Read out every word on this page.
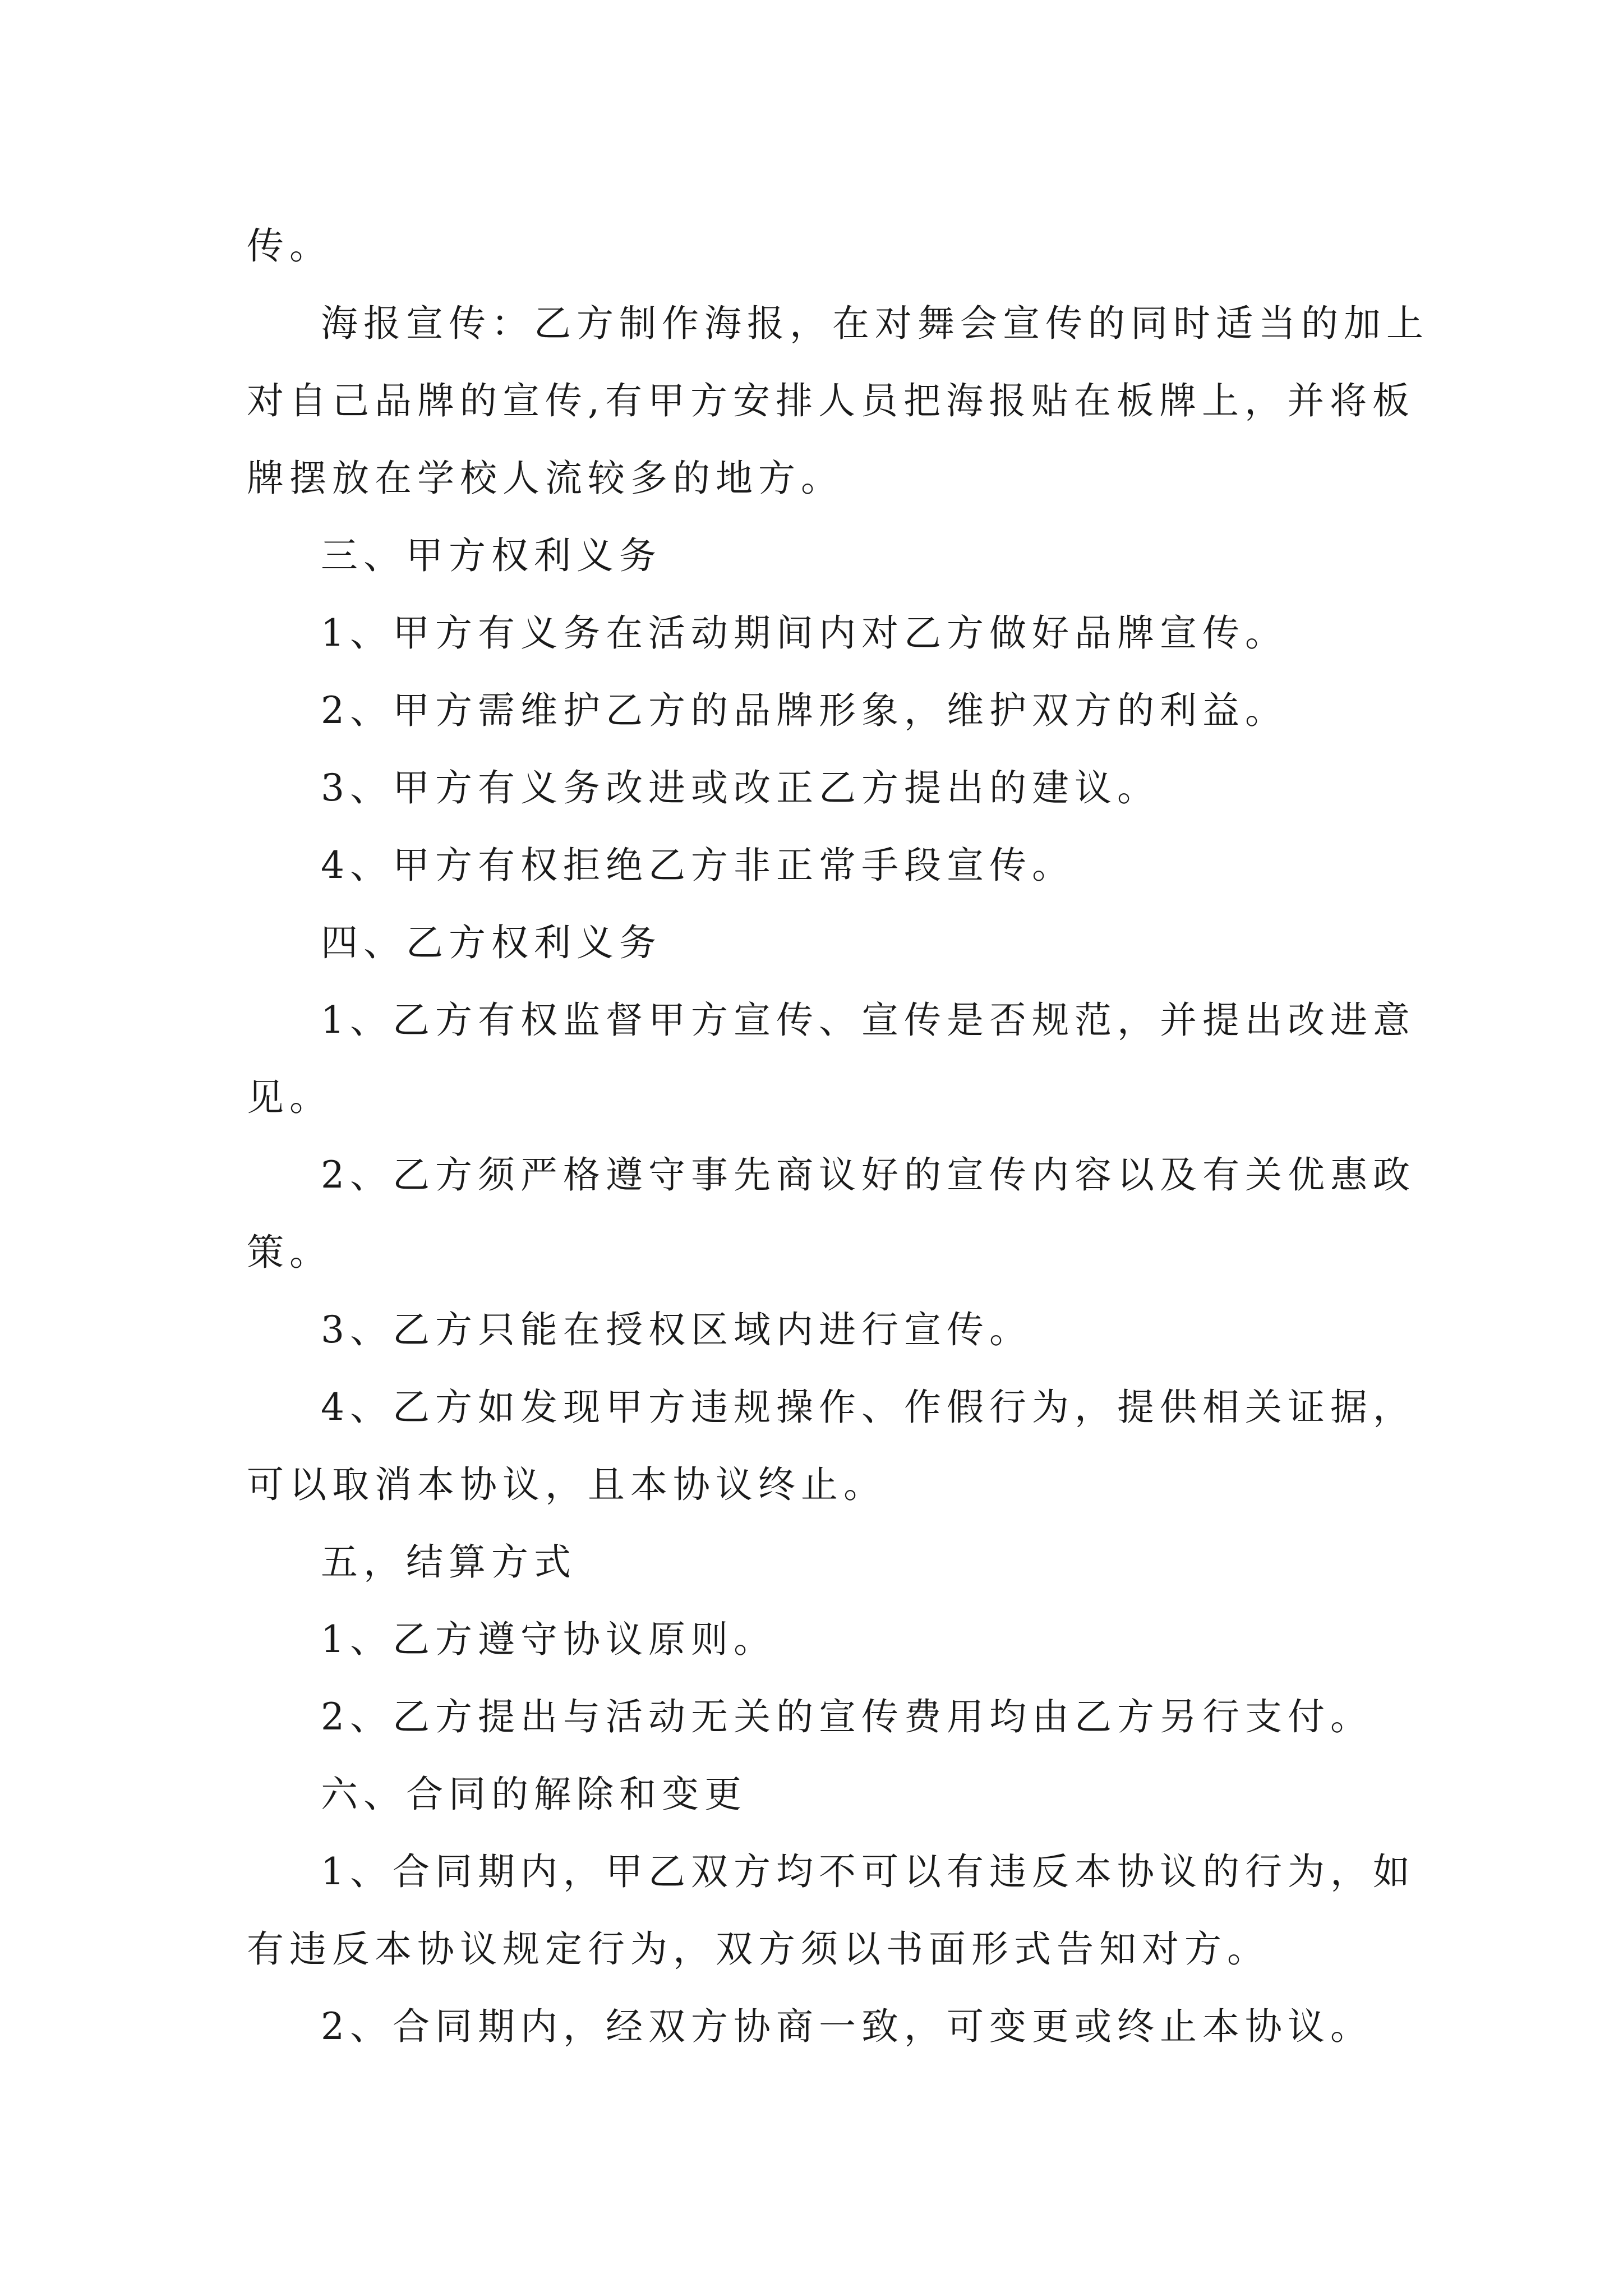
传。

海报宣传：乙方制作海报，在对舞会宣传的同时适当的加上对自己品牌的宣传,有甲方安排人员把海报贴在板牌上，并将板牌摆放在学校人流较多的地方。

三、甲方权利义务

1、甲方有义务在活动期间内对乙方做好品牌宣传。

2、甲方需维护乙方的品牌形象，维护双方的利益。

3、甲方有义务改进或改正乙方提出的建议。

4、甲方有权拒绝乙方非正常手段宣传。

四、乙方权利义务

1、乙方有权监督甲方宣传、宣传是否规范，并提出改进意见。

2、乙方须严格遵守事先商议好的宣传内容以及有关优惠政策。

3、乙方只能在授权区域内进行宣传。

4、乙方如发现甲方违规操作、作假行为，提供相关证据，可以取消本协议，且本协议终止。

五，结算方式

1、乙方遵守协议原则。

2、乙方提出与活动无关的宣传费用均由乙方另行支付。

六、合同的解除和变更

1、合同期内，甲乙双方均不可以有违反本协议的行为，如有违反本协议规定行为，双方须以书面形式告知对方。

2、合同期内，经双方协商一致，可变更或终止本协议。
